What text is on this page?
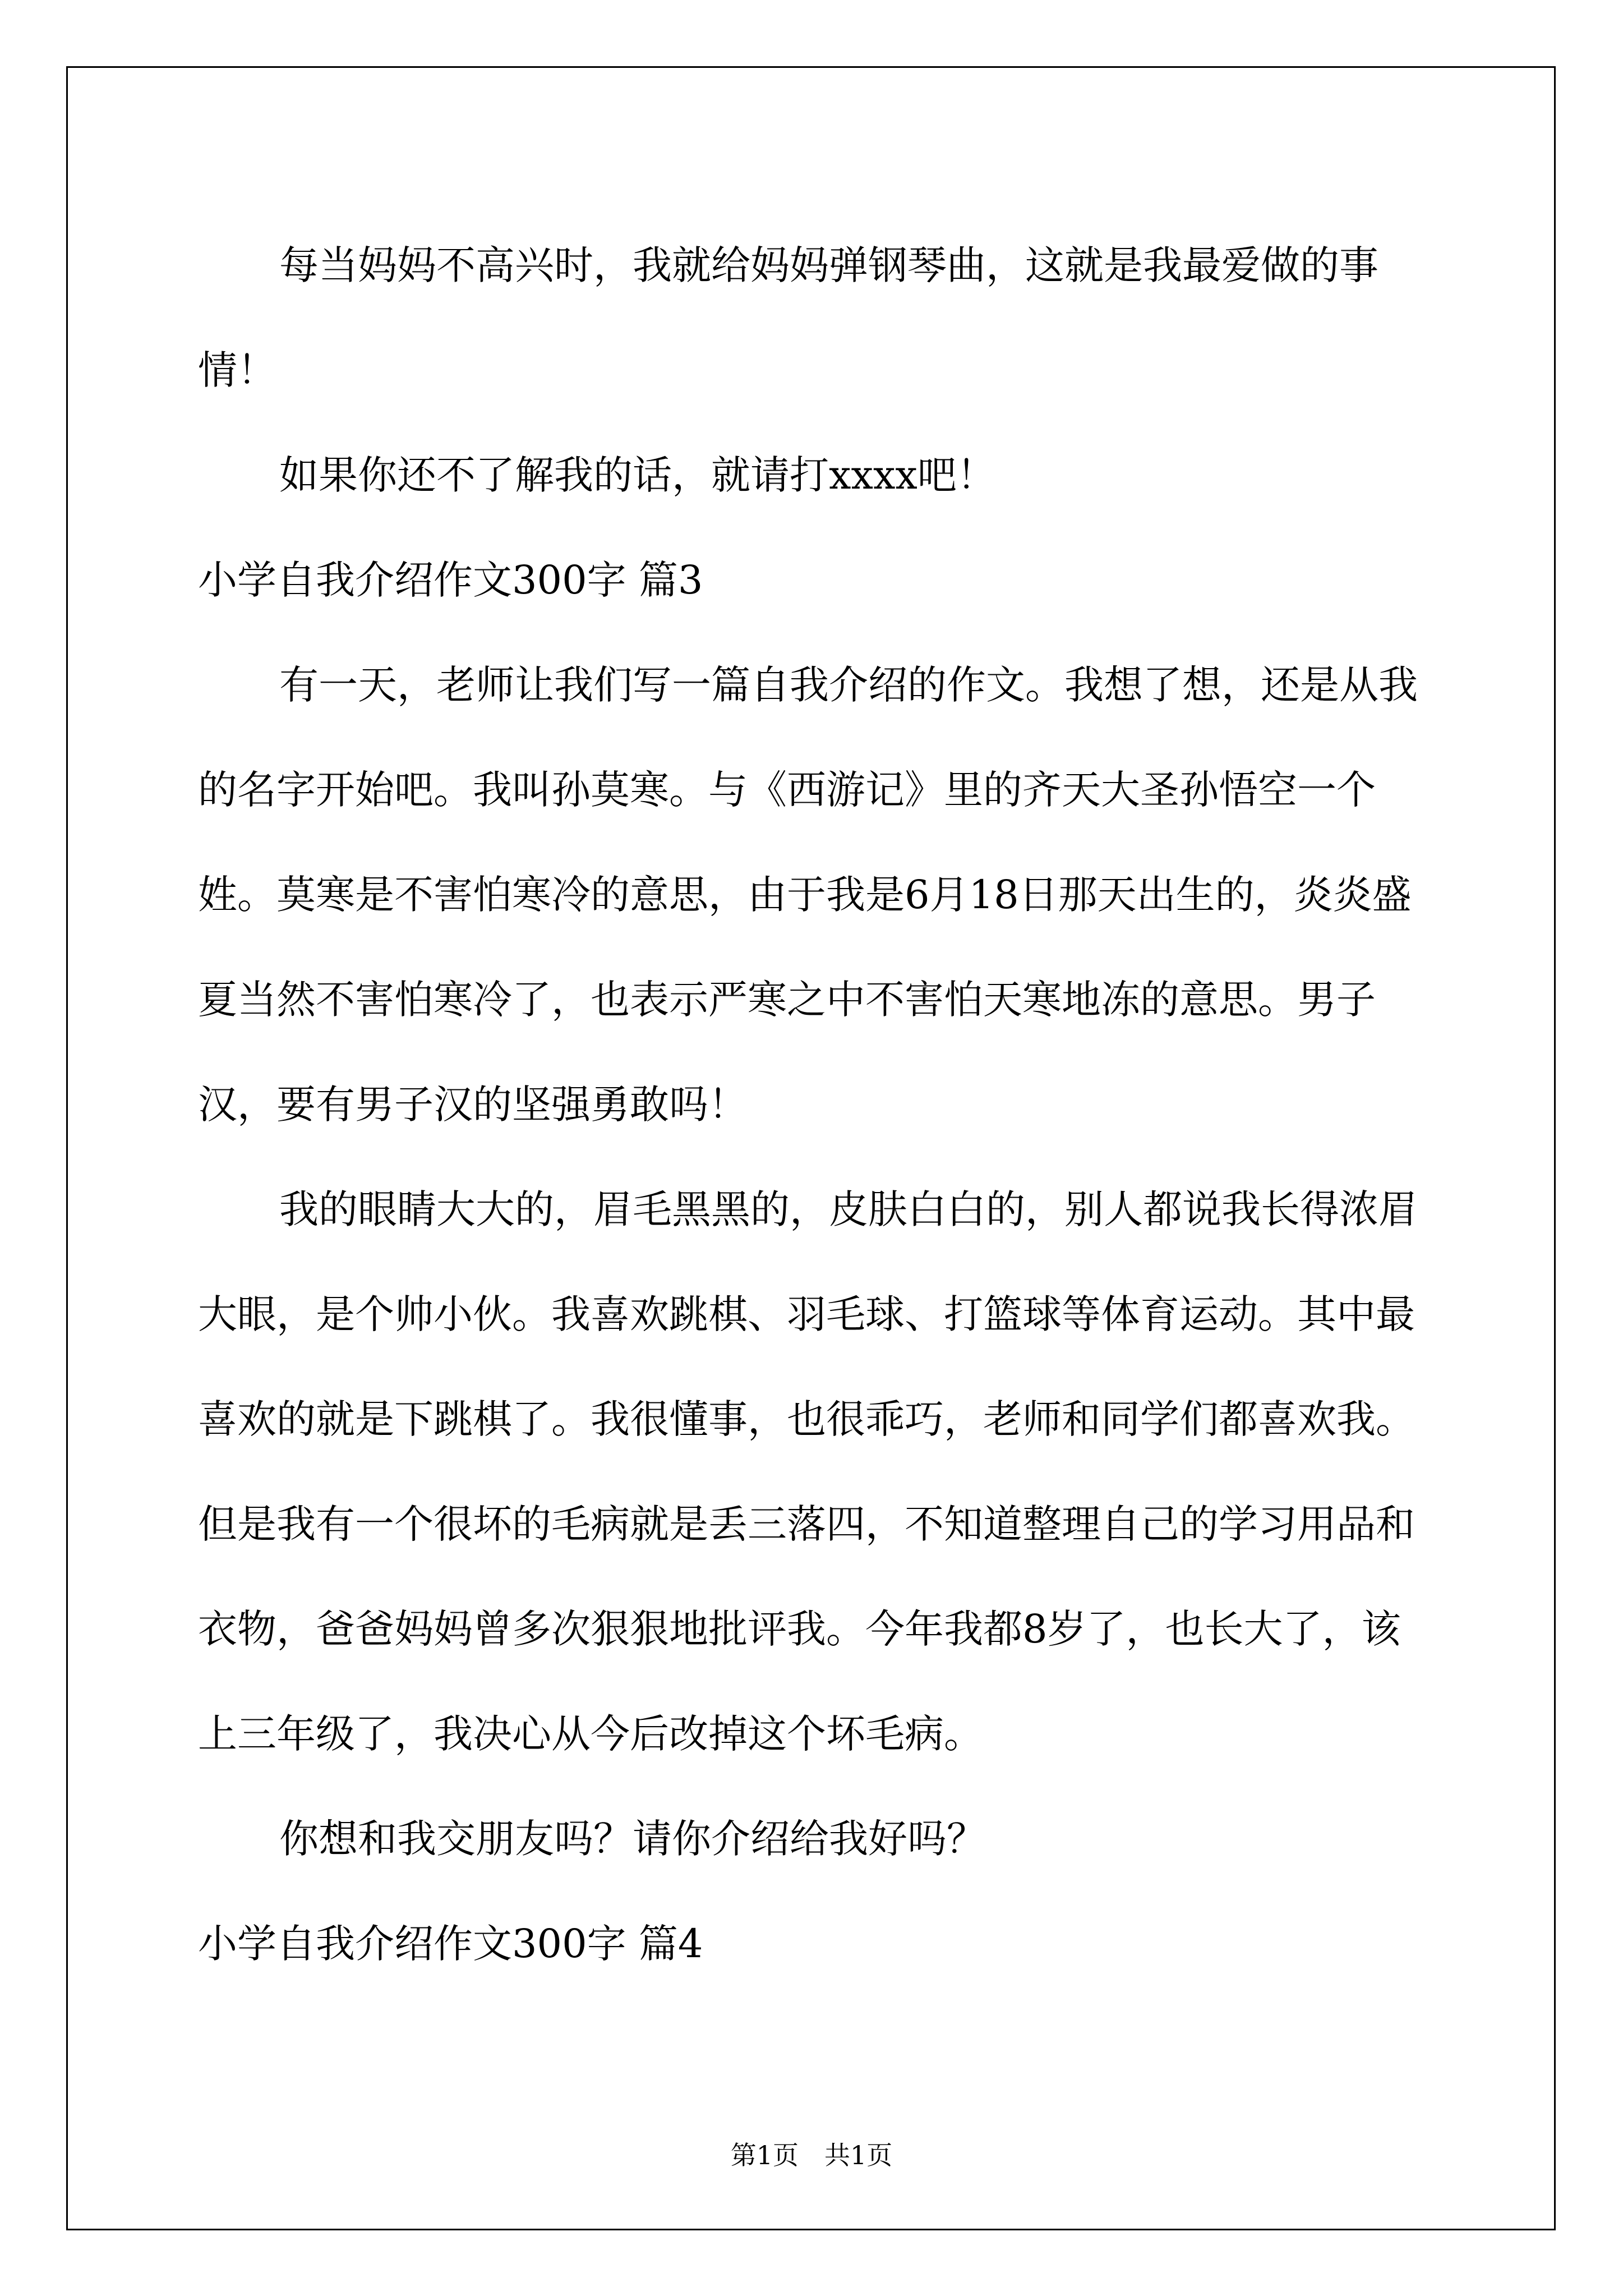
每当妈妈不高兴时，我就给妈妈弹钢琴曲，这就是我最爱做的事情！

如果你还不了解我的话，就请打xxxx吧！

小学自我介绍作文300字 篇3

有一天，老师让我们写一篇自我介绍的作文。我想了想，还是从我的名字开始吧。我叫孙莫寒。与《西游记》里的齐天大圣孙悟空一个姓。莫寒是不害怕寒冷的意思，由于我是6月18日那天出生的，炎炎盛夏当然不害怕寒冷了，也表示严寒之中不害怕天寒地冻的意思。男子汉，要有男子汉的坚强勇敢吗！

我的眼睛大大的，眉毛黑黑的，皮肤白白的，别人都说我长得浓眉大眼，是个帅小伙。我喜欢跳棋、羽毛球、打篮球等体育运动。其中最喜欢的就是下跳棋了。我很懂事，也很乖巧，老师和同学们都喜欢我。但是我有一个很坏的毛病就是丢三落四，不知道整理自己的学习用品和衣物，爸爸妈妈曾多次狠狠地批评我。今年我都8岁了，也长大了，该上三年级了，我决心从今后改掉这个坏毛病。

你想和我交朋友吗？请你介绍给我好吗？

小学自我介绍作文300字 篇4

第1页　共1页
